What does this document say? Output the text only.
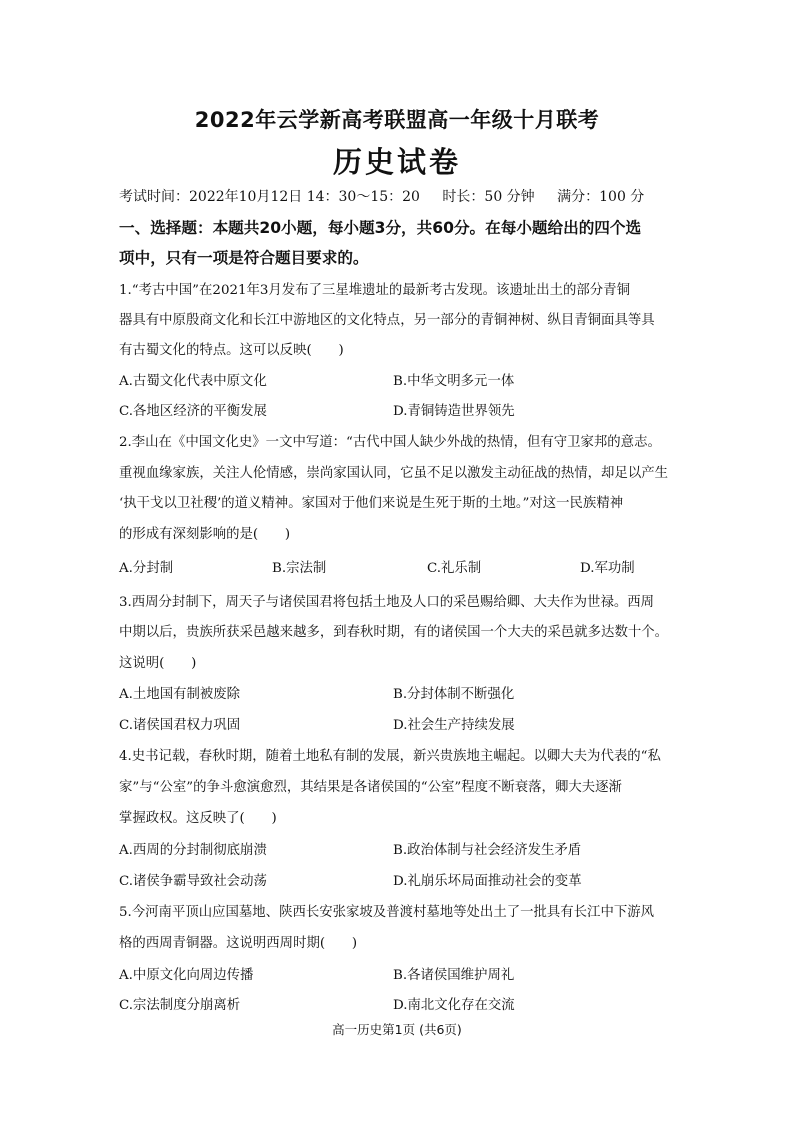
2022年云学新高考联盟高一年级十月联考
历史试卷
考试时间：2022年10月12日 14：30～15：20 时长：50 分钟 满分：100 分
一、选择题：本题共20小题，每小题3分，共60分。在每小题给出的四个选
项中，只有一项是符合题目要求的。
1.“考古中国”在2021年3月发布了三星堆遗址的最新考古发现。该遗址出土的部分青铜
器具有中原殷商文化和长江中游地区的文化特点，另一部分的青铜神树、纵目青铜面具等具
有古蜀文化的特点。这可以反映(　　)
A.古蜀文化代表中原文化	B.中华文明多元一体
C.各地区经济的平衡发展	D.青铜铸造世界领先
2.李山在《中国文化史》一文中写道：“古代中国人缺少外战的热情，但有守卫家邦的意志。
重视血缘家族，关注人伦情感，崇尚家国认同，它虽不足以激发主动征战的热情，却足以产生
‘执干戈以卫社稷’的道义精神。家国对于他们来说是生死于斯的土地。”对这一民族精神
的形成有深刻影响的是(　　)
A.分封制	B.宗法制	C.礼乐制	D.军功制
3.西周分封制下，周天子与诸侯国君将包括土地及人口的采邑赐给卿、大夫作为世禄。西周
中期以后，贵族所获采邑越来越多，到春秋时期，有的诸侯国一个大夫的采邑就多达数十个。
这说明(　　)
A.土地国有制被废除	B.分封体制不断强化
C.诸侯国君权力巩固	D.社会生产持续发展
4.史书记载，春秋时期，随着土地私有制的发展，新兴贵族地主崛起。以卿大夫为代表的“私
家”与“公室”的争斗愈演愈烈，其结果是各诸侯国的“公室”程度不断衰落，卿大夫逐渐
掌握政权。这反映了(　　)
A.西周的分封制彻底崩溃	B.政治体制与社会经济发生矛盾
C.诸侯争霸导致社会动荡	D.礼崩乐坏局面推动社会的变革
5.今河南平顶山应国墓地、陕西长安张家坡及普渡村墓地等处出土了一批具有长江中下游风
格的西周青铜器。这说明西周时期(　　)
A.中原文化向周边传播	B.各诸侯国维护周礼
C.宗法制度分崩离析	D.南北文化存在交流
高一历史第1页 (共6页)
